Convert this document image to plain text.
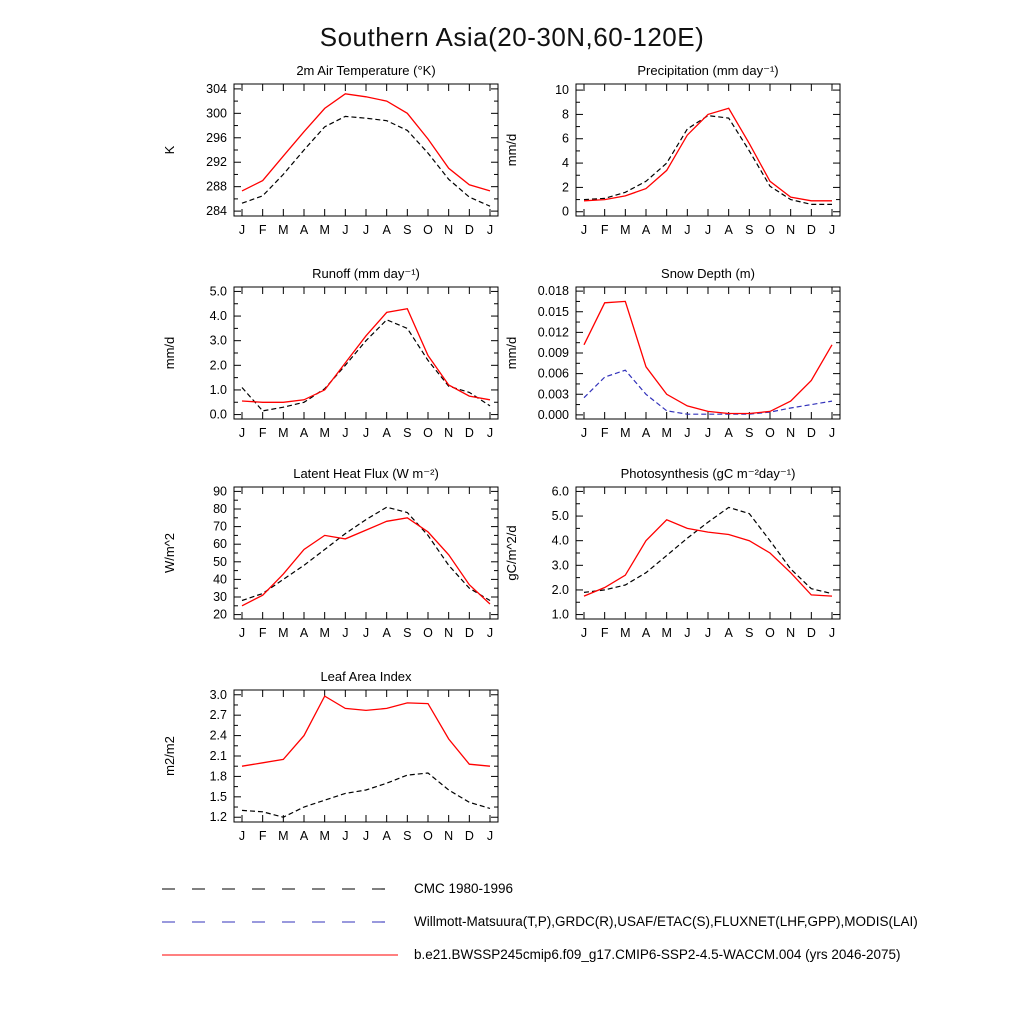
Southern Asia(20-30N,60-120E)
2m Air Temperature (°K)
K
284
288
292
296
300
304
J F M A M J J A S O N D J
Precipitation (mm day⁻¹)
mm/d
0
2
4
6
8
10
J F M A M J J A S O N D J
Runoff (mm day⁻¹)
mm/d
0.0
1.0
2.0
3.0
4.0
5.0
J F M A M J J A S O N D J
Snow Depth (m)
mm/d
0.000
0.003
0.006
0.009
0.012
0.015
0.018
J F M A M J J A S O N D J
Latent Heat Flux (W m⁻²)
W/m^2
20
30
40
50
60
70
80
90
J F M A M J J A S O N D J
Photosynthesis (gC m⁻²day⁻¹)
gC/m^2/d
1.0
2.0
3.0
4.0
5.0
6.0
J F M A M J J A S O N D J
Leaf Area Index
m2/m2
1.2
1.5
1.8
2.1
2.4
2.7
3.0
J F M A M J J A S O N D J
CMC 1980-1996
Willmott-Matsuura(T,P),GRDC(R),USAF/ETAC(S),FLUXNET(LHF,GPP),MODIS(LAI)
b.e21.BWSSP245cmip6.f09_g17.CMIP6-SSP2-4.5-WACCM.004 (yrs 2046-2075)
